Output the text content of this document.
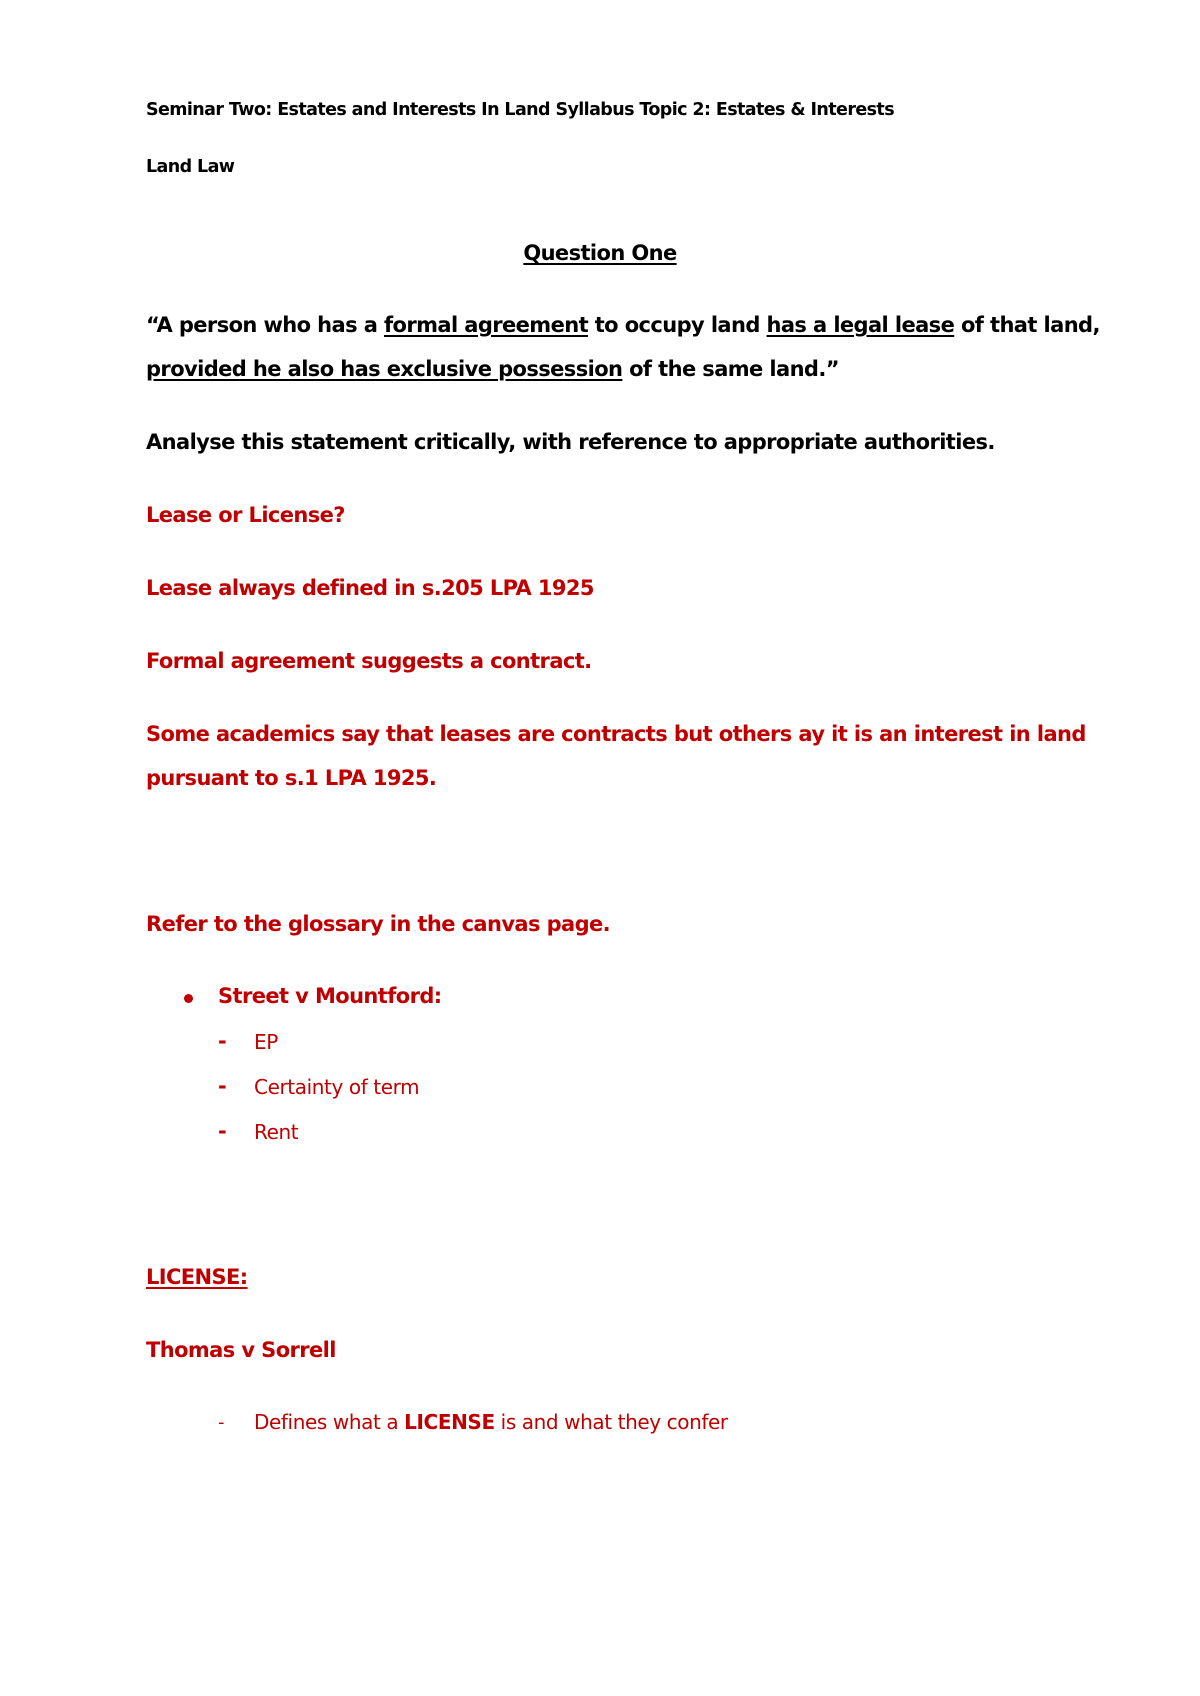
Seminar Two: Estates and Interests In Land Syllabus Topic 2: Estates & Interests
Land Law
Question One
“A person who has a formal agreement to occupy land has a legal lease of that land,
provided he also has exclusive possession of the same land.”
Analyse this statement critically, with reference to appropriate authorities.
Lease or License?
Lease always defined in s.205 LPA 1925
Formal agreement suggests a contract.
Some academics say that leases are contracts but others ay it is an interest in land
pursuant to s.1 LPA 1925.
Refer to the glossary in the canvas page.
Street v Mountford:
- EP
- Certainty of term
- Rent
LICENSE:
Thomas v Sorrell
- Defines what a LICENSE is and what they confer
